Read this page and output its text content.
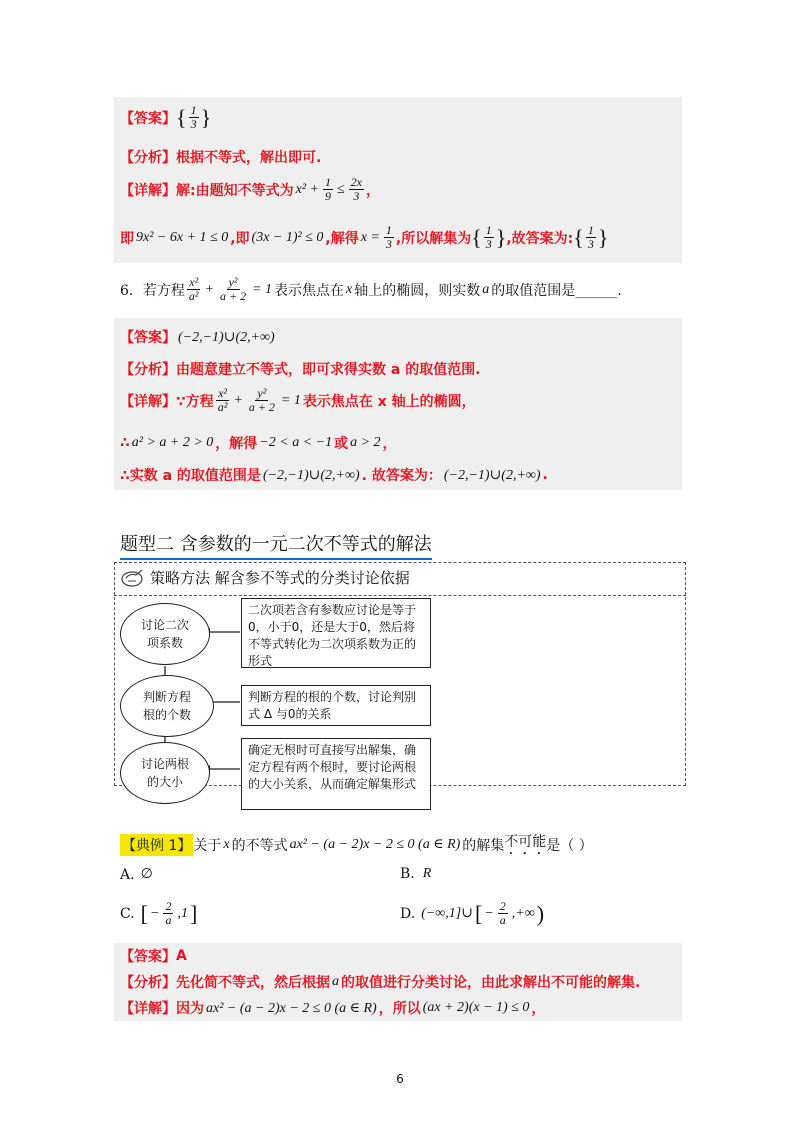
【答案】 { $\frac{1}{3}$ }
【分析】 根据不等式，解出即可.
【详解】 解:由题知不等式为 $x^2 + \frac{1}{9} \le \frac{2x}{3}$ ，
即 9x² − 6x + 1 ≤ 0 ,即 (3x − 1)² ≤ 0 ,解得 $x = \frac{1}{3}$ ,所以解集为 { $\frac{1}{3}$ } ,故答案为: { $\frac{1}{3}$ }
6． 若方程 $\frac{\text{x²}}{\text{a²}} + \frac{\text{y²}}{a + 2} = 1$ 表示焦点在 x 轴上的椭圆，则实数 a 的取值范围是______.
【答案】 (−2,−1)∪(2,+∞)
【分析】 由题意建立不等式，即可求得实数 a 的取值范围.
【详解】 ∵方程 $\frac{\text{x²}}{\text{a²}} + \frac{\text{y²}}{a + 2} = 1$ 表示焦点在 x 轴上的椭圆，
∴ a² > a + 2 > 0 ，解得 −2 < a < −1 或 a > 2 ，
∴实数 a 的取值范围是 (−2,−1)∪(2,+∞) . 故答案为： (−2,−1)∪(2,+∞) .
题型二 含参数的一元二次不等式的解法
策略方法 解含参不等式的分类讨论依据
讨论二次
项系数
二次项若含有参数应讨论是等于0，小于0，还是大于0，然后将不等式转化为二次项系数为正的形式
判断方程
根的个数
判断方程的根的个数，讨论判别式 Δ 与0的关系
讨论两根
的大小
确定无根时可直接写出解集，确定方程有两个根时，要讨论两根的大小关系，从而确定解集形式
【典例 1】 关于 x 的不等式 ax² − (a − 2)x − 2 ≤ 0 (a ∈ R) 的解集 不可能 是（ ）
A. ∅	B. R
C. [ − $\frac{2}{a} ,1$ ]	D. (−∞,1]∪ [ − $\frac{2}{a}$ ,+∞ )
【答案】 A
【分析】 先化简不等式，然后根据 a 的取值进行分类讨论，由此求解出不可能的解集.
【详解】 因为 ax² − (a − 2)x − 2 ≤ 0 (a ∈ R) ，所以 (ax + 2)(x − 1) ≤ 0 ，
6
